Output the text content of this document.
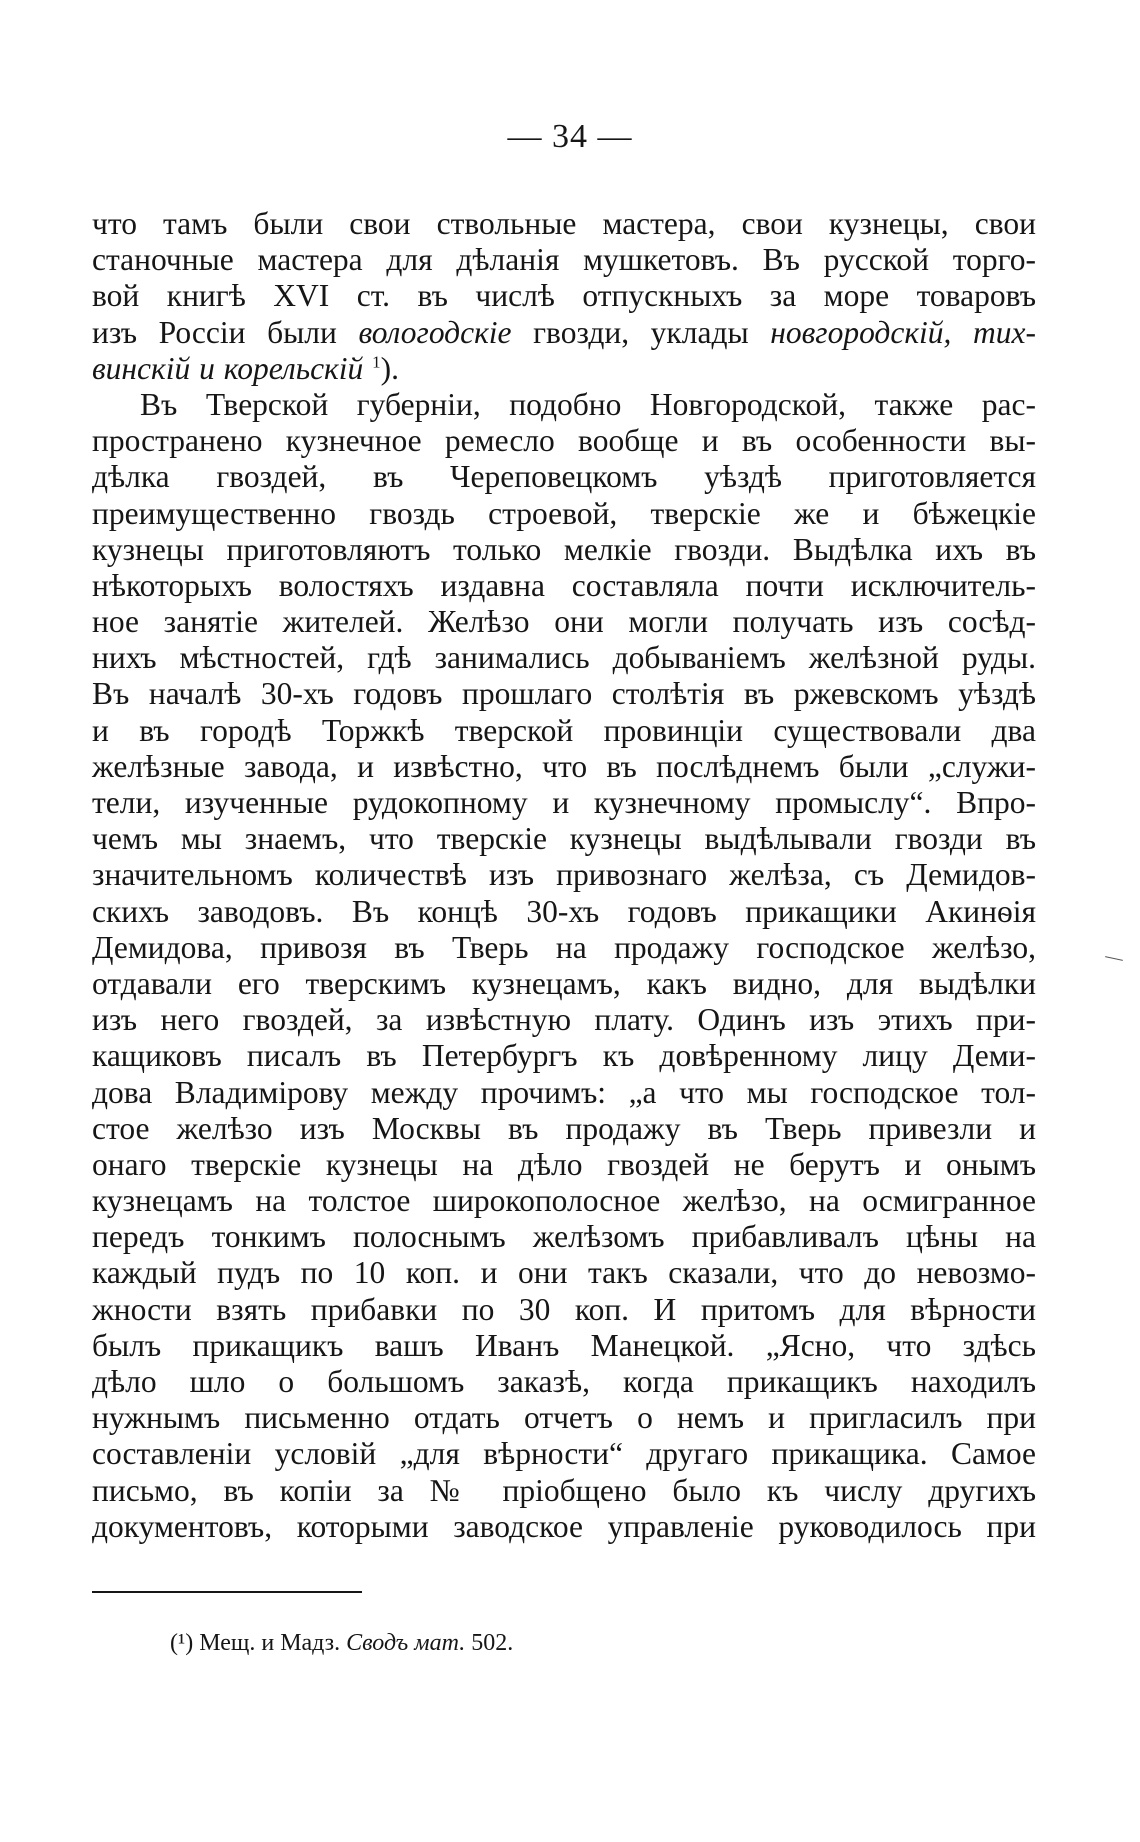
— 34 —
что тамъ были свои ствольные мастера, свои кузнецы, свои
станочные мастера для дѣланія мушкетовъ. Въ русской торго-
вой книгѣ XVI ст. въ числѣ отпускныхъ за море товаровъ
изъ Россіи были вологодскіе гвозди, уклады новгородскій, тих-
винскій и корельскій $^1$).
Въ Тверской губерніи, подобно Новгородской, также рас-
пространено кузнечное ремесло вообще и въ особенности вы-
дѣлка гвоздей, въ Череповецкомъ уѣздѣ приготовляется
преимущественно гвоздь строевой, тверскіе же и бѣжецкіе
кузнецы приготовляютъ только мелкіе гвозди. Выдѣлка ихъ въ
нѣкоторыхъ волостяхъ издавна составляла почти исключитель-
ное занятіе жителей. Желѣзо они могли получать изъ сосѣд-
нихъ мѣстностей, гдѣ занимались добываніемъ желѣзной руды.
Въ началѣ 30-хъ годовъ прошлаго столѣтія въ ржевскомъ уѣздѣ
и въ городѣ Торжкѣ тверской провинціи существовали два
желѣзные завода, и извѣстно, что въ послѣднемъ были „служи-
тели, изученные рудокопному и кузнечному промыслу“. Впро-
чемъ мы знаемъ, что тверскіе кузнецы выдѣлывали гвозди въ
значительномъ количествѣ изъ привознаго желѣза, съ Демидов-
скихъ заводовъ. Въ концѣ 30-хъ годовъ прикащики Акинѳія
Демидова, привозя въ Тверь на продажу господское желѣзо,
отдавали его тверскимъ кузнецамъ, какъ видно, для выдѣлки
изъ него гвоздей, за извѣстную плату. Одинъ изъ этихъ при-
кащиковъ писалъ въ Петербургъ къ довѣренному лицу Деми-
дова Владимірову между прочимъ: „а что мы господское тол-
стое желѣзо изъ Москвы въ продажу въ Тверь привезли и
онаго тверскіе кузнецы на дѣло гвоздей не берутъ и онымъ
кузнецамъ на толстое широкополосное желѣзо, на осмигранное
передъ тонкимъ полоснымъ желѣзомъ прибавливалъ цѣны на
каждый пудъ по 10 коп. и они такъ сказали, что до невозмо-
жности взять прибавки по 30 коп. И притомъ для вѣрности
былъ прикащикъ вашъ Иванъ Манецкой. „Ясно, что здѣсь
дѣло шло о большомъ заказѣ, когда прикащикъ находилъ
нужнымъ письменно отдать отчетъ о немъ и пригласилъ при
составленіи условій „для вѣрности“ другаго прикащика. Самое
письмо, въ копіи за № пріобщено было къ числу другихъ
документовъ, которыми заводское управленіе руководилось при
(¹) Мещ. и Мадз. Сводъ мат. 502.
